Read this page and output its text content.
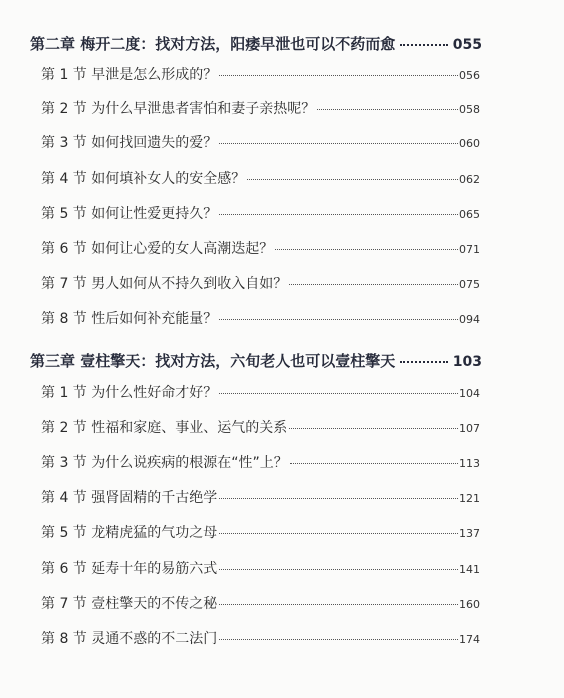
第二章 梅开二度：找对方法，阳痿早泄也可以不药而愈	055
第 1 节 早泄是怎么形成的？	056
第 2 节 为什么早泄患者害怕和妻子亲热呢？	058
第 3 节 如何找回遗失的爱？	060
第 4 节 如何填补女人的安全感？	062
第 5 节 如何让性爱更持久？	065
第 6 节 如何让心爱的女人高潮迭起？	071
第 7 节 男人如何从不持久到收入自如？	075
第 8 节 性后如何补充能量？	094
第三章 壹柱擎天：找对方法，六旬老人也可以壹柱擎天	103
第 1 节 为什么性好命才好？	104
第 2 节 性福和家庭、事业、运气的关系	107
第 3 节 为什么说疾病的根源在“性”上？	113
第 4 节 强肾固精的千古绝学	121
第 5 节 龙精虎猛的气功之母	137
第 6 节 延寿十年的易筋六式	141
第 7 节 壹柱擎天的不传之秘	160
第 8 节 灵通不惑的不二法门	174
